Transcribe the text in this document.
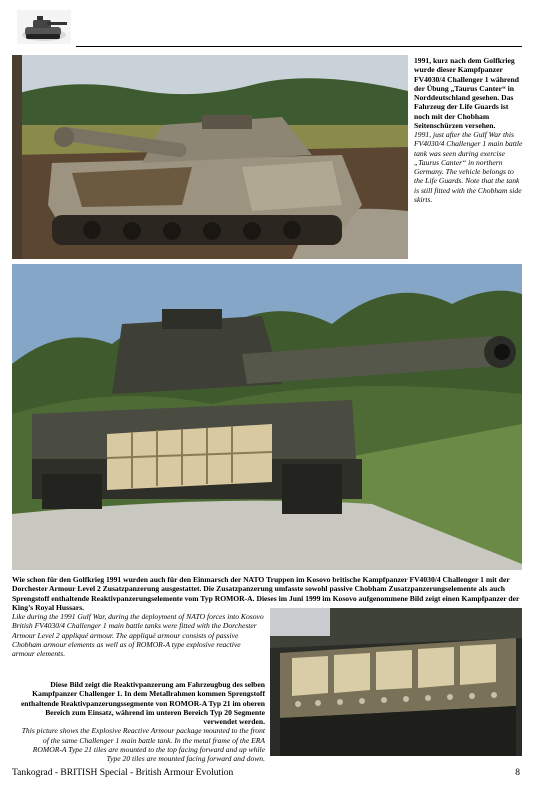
1991, kurz nach dem Golfkrieg wurde dieser Kampfpanzer FV4030/4 Challenger 1 während der Übung „Taurus Canter“ in Norddeutschland gesehen. Das Fahrzeug der Life Guards ist noch mit der Chobham Seitenschürzen versehen.
1991, just after the Gulf War this FV4030/4 Challenger 1 main battle tank was seen during exercise „Taurus Canter“ in northern Germany. The vehicle belongs to the Life Guards. Note that the tank is still fitted with the Chobham side skirts.
Wie schon für den Golfkrieg 1991 wurden auch für den Einmarsch der NATO Truppen im Kosovo britische Kampfpanzer FV4030/4 Challenger 1 mit der Dorchester Armour Level 2 Zusatzpanzerung ausgestattet. Die Zusatzpanzerung umfasste sowohl passive Chobham Zusatzpanzerungselemente als auch Sprengstoff enthaltende Reaktivpanzerungselemente vom Typ ROMOR-A. Dieses im Juni 1999 im Kosovo aufgenommene Bild zeigt einen Kampfpanzer der King’s Royal Hussars.
Like during the 1991 Gulf War, during the deployment of NATO forces into Kosovo British FV4030/4 Challenger 1 main battle tanks were fitted with the Dorchester Armour Level 2 appliqué armour. The appliqué armour consists of passive Chobham armour elements as well as of ROMOR-A type explosive reactive armour elements.
Diese Bild zeigt die Reaktivpanzerung am Fahrzeugbug des selben Kampfpanzer Challenger 1. In dem Metallrahmen kommen Sprengstoff enthaltende Reaktivpanzerungssegmente von ROMOR-A Typ 21 im oberen Bereich zum Einsatz, während im unteren Bereich Typ 20 Segmente verwendet werden.
This picture shows the Explosive Reactive Armour package mounted to the front of the same Challenger 1 main battle tank. In the metal frame of the ERA ROMOR-A Type 21 tiles are mounted to the top facing forward and up while Type 20 tiles are mounted facing forward and down.
Tankograd - BRITISH Special - British Armour Evolution	8
